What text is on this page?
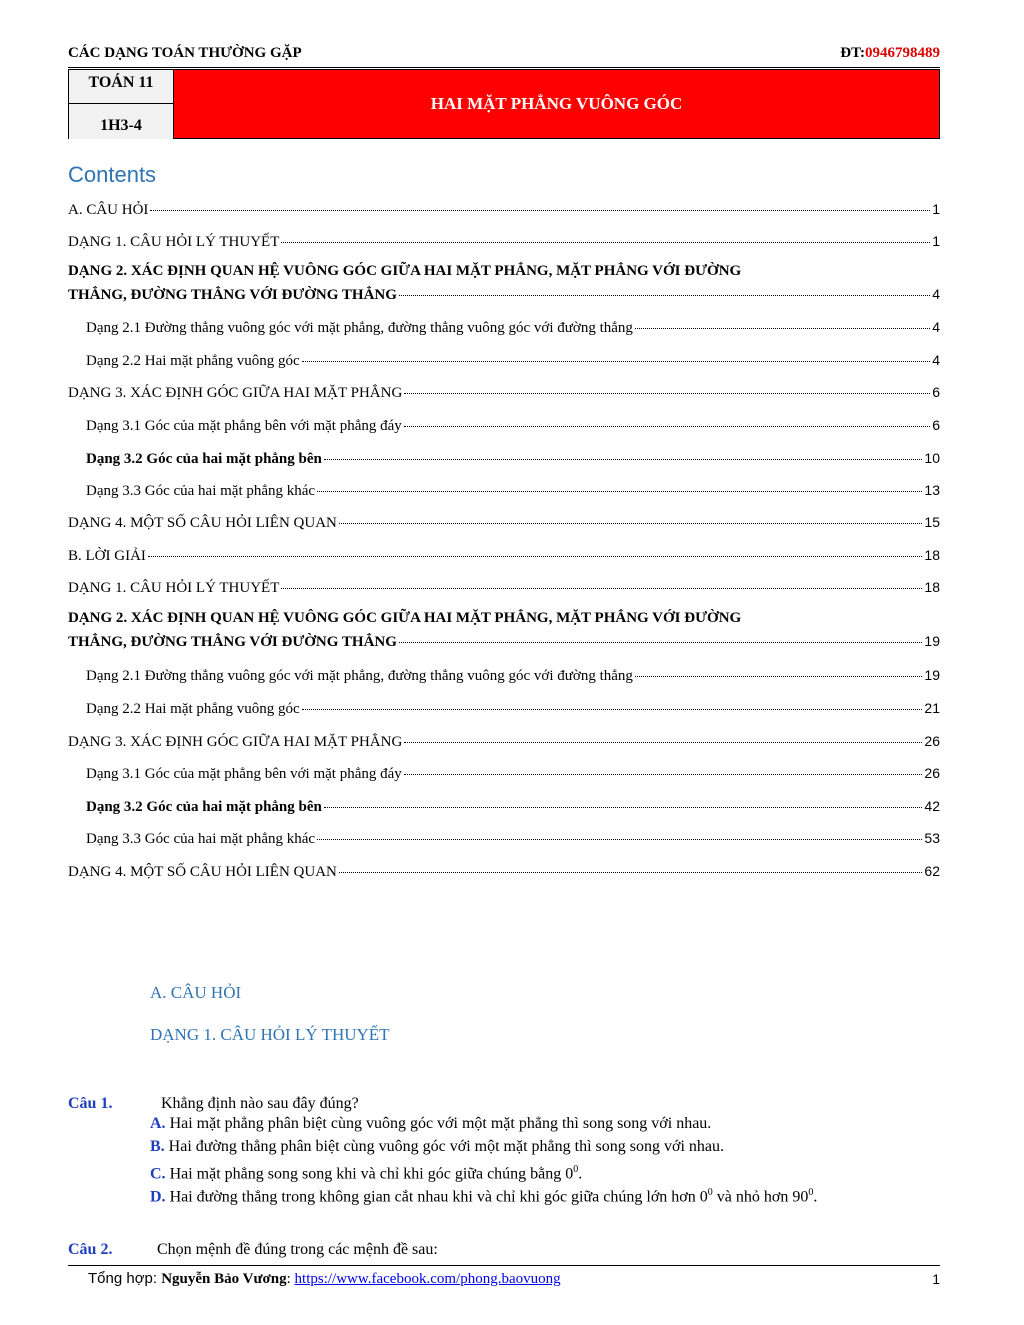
CÁC DẠNG TOÁN THƯỜNG GẶP	ĐT:0946798489
TOÁN 11
1H3-4
HAI MẶT PHẲNG VUÔNG GÓC
Contents
A. CÂU HỎI	1
DẠNG 1. CÂU HỎI LÝ THUYẾT	1
DẠNG 2. XÁC ĐỊNH QUAN HỆ VUÔNG GÓC GIỮA HAI MẶT PHẲNG, MẶT PHẲNG VỚI ĐƯỜNG
THẲNG, ĐƯỜNG THẲNG VỚI ĐƯỜNG THẲNG	4
Dạng 2.1 Đường thẳng vuông góc với mặt phẳng, đường thẳng vuông góc với đường thẳng	4
Dạng 2.2 Hai mặt phẳng vuông góc	4
DẠNG 3. XÁC ĐỊNH GÓC GIỮA HAI MẶT PHẲNG	6
Dạng 3.1 Góc của mặt phẳng bên với mặt phẳng đáy	6
Dạng 3.2 Góc của hai mặt phẳng bên	10
Dạng 3.3 Góc của hai mặt phẳng khác	13
DẠNG 4. MỘT SỐ CÂU HỎI LIÊN QUAN	15
B. LỜI GIẢI	18
DẠNG 1. CÂU HỎI LÝ THUYẾT	18
DẠNG 2. XÁC ĐỊNH QUAN HỆ VUÔNG GÓC GIỮA HAI MẶT PHẲNG, MẶT PHẲNG VỚI ĐƯỜNG
THẲNG, ĐƯỜNG THẲNG VỚI ĐƯỜNG THẲNG	19
Dạng 2.1 Đường thẳng vuông góc với mặt phẳng, đường thẳng vuông góc với đường thẳng	19
Dạng 2.2 Hai mặt phẳng vuông góc	21
DẠNG 3. XÁC ĐỊNH GÓC GIỮA HAI MẶT PHẲNG	26
Dạng 3.1 Góc của mặt phẳng bên với mặt phẳng đáy	26
Dạng 3.2 Góc của hai mặt phẳng bên	42
Dạng 3.3 Góc của hai mặt phẳng khác	53
DẠNG 4. MỘT SỐ CÂU HỎI LIÊN QUAN	62
A. CÂU HỎI
DẠNG 1. CÂU HỎI LÝ THUYẾT
Câu 1.	Khẳng định nào sau đây đúng?
A. Hai mặt phẳng phân biệt cùng vuông góc với một mặt phẳng thì song song với nhau.
B. Hai đường thẳng phân biệt cùng vuông góc với một mặt phẳng thì song song với nhau.
C. Hai mặt phẳng song song khi và chỉ khi góc giữa chúng bằng $0^0$.
D. Hai đường thẳng trong không gian cắt nhau khi và chỉ khi góc giữa chúng lớn hơn $0^0$ và nhỏ hơn $90^0$.
Câu 2.	Chọn mệnh đề đúng trong các mệnh đề sau:
Tổng hợp: Nguyễn Bảo Vương: https://www.facebook.com/phong.baovuong	1
